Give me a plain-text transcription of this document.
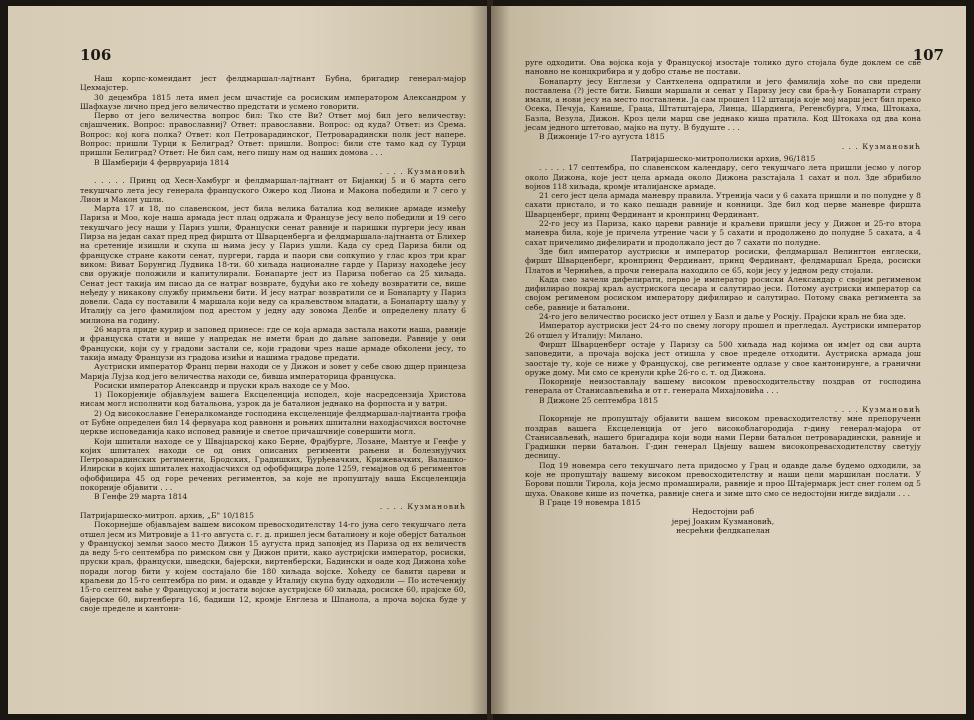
106

Наш корпс-комеидант јест фелдмаршал-лаjтнант Бубна, бригадир генерал-мајор Цехмајстер.

30 децембра 1815 лета имел јесм шчастије са росиским императором Александром у Шафхаузе лично пред јего величество предстати и усмено говорити.

Перво от јего величества вопрос бил: Тко сте Ви? Ответ мој бил јего величеству: свјашченик. Вопрос: православниj? Ответ: православни. Вопрос: од куда? Ответ: из Срема. Вопрос: кој кога полка? Ответ: кол Петроварадинског, Петроварадински полк јест напере. Вопрос: пришли Турци к Белиград? Ответ: пришли. Вопрос: били сте тамо кад су Турци пришли Белиград? Ответ: Не бил сам, него пишу нам од наших домова . . .

В Шамберији 4 фервруарија 1814

. . . . Кузмановић

. . . . . Принц од Хесн-Хамбург и фелдмаршал-лаjтнант от Бијанкиј 5 и 6 марта сего текушчаго лета јесу генерала француского Ожеро код Лиона и Макона победили и 7 сего у Лион и Макон ушли.

Марта 17 и 18, по славенском, јест била велика баталиа код великиe армаде између Париза и Моо, које наша армада јест плац одржала и Французе јесу вело победили и 19 сего текушчаго јесу наши у Париз ушли, Француски сенат равније и паришки пургери јесу иван Пирза на један сахат пред пред фирштa от Шварценберга и фелдмаршала-лаjтнанта от Блихер на сретеније изишли и скупа ш њима јесу у Париз ушли. Када су сред Париза били од француске стране какоти сенат, пургери, гарда и паори сви сопкупио у глас кроз три краг виком: Виват Борунгид Лудвика 18-ти. 60 хиљада националне гарде у Паризу находеће јесу сви оружије положили и капитулирали. Бонапарте јест из Париза побегао са 25 хиљада. Сенат јест такија им писао да се натраг возврате, будући ако ге хоћеду возвратити се, више неђеду у никакову службу примљени бити. И јесу натраг возвратили се и Бонапарту у Париз довели. Сада су поставили 4 маршала који веду са краљевством владати, а Бонапарту шаљу у Италију са јего фамилиjом под арестом у једну аду зовома Делбе и определену плату 6 милиона на годину.

26 марта приде курир и заповед принесе: где се која армада застала накоти наша, равније и француска стати и више у напредак не имети бран до даљне заповеди. Равније у они Француски, који су у градови застали се, који градови чрез наше армаде обколени јесу, то такија имаду Французи из градова изићи и нашима градове предати.

Аустриски император Франц перви находи се у Дижон и зовет у себе свою дщер принцеза Марија Лујза код јего величества находи се, бивша императорица француска.

Росиски император Александр и пруски краљ находе се у Моо.

1) Покорјеније обjављујем вашега Ексцеленција исподел, које насредсензија Христова нисам могл исполнити код батальона, узрок да је баталион једнако на форпоста и у ватри.

2) Од високославне Генералкомандe господина ексцеленцијe фелдмаршал-лајтнанта грофа от Бубне определен бил 14 фервуара код равнонн и роњних шпитални находјасчихся восточне церкве исповеданија како исповед равније и светое причашчније совершити могл.

Који шпитали находе се у Швајцарској како Берне, Фрајбурге, Лозане, Мантуе и Генфе у којих шпиталех находи се од оних описаних регименти рањени и болезнујучиx Петроварадинских регименти, Бродских, Градишких, Ђурђевачких, Крижевачких, Валашко-Илирски в којих шпиталех находјасчихся од офобфицира доле 1259, гемајнов од 6 региментов офобфицира 45 од горе речених региментов, за које не пропуштају ваша Ексцеленција покорније објавити . . .

В Генфе 29 марта 1814

. . . . Кузмановић

Патријаршеско-митроп. архив, „Б" 10/1815

Покорнејше објављаjем вашем високом превосходителству 14-го јуна сего текушчаго лета отшел јесм из Митровије а 11-го августа с. г. д. пришел јесм баталиону и које оберјст батальон у Француској земљи заосо место Дижон 15 аугуста прид заповјед из Париза од нх величеств да веду 5-го септембра по римском свн у Дижон прити, како аустријски император, росиски, пруски краљ, француски, шведски, бајерски, виртенберски, Бадински и оаде код Дижона хоће поради логор бити у којем состајало бiе 180 хиљада војске. Хоћеду се бавити цареви и краљеви до 15-го септембра по рим. и одавде у Италију скупа буду одходили — По истеченију 15-го септем ваће у Француској и јостати војске аустријске 60 хиљада, росиске 60, прајске 60, бајерске 60, виртенберга 16, бадиши 12, кромје Енглеза и Шпанола, а прочa војска буде у своје пределе и кантони-

107

руге одходити. Ова војска која у Француској изостаје толико дуго стојала буде доклем се све нановно не концкрибира и у добро стање не постави.

Бонапарту јесу Енглези у Сантхелена одпратили и јего фамилија хоће по сви предели поставлена (?) јесте бити. Бивши маршали и сенат у Паризу јесу сви бра-ћ-у Бонапарти страну имали, а нови јесу на место поставлени. Ја сам прошел 112 штација које мој марш јест бил преко Осека, Печуја, Канише, Граца, Штатштајера, Линца, Шардинга, Регенсбурга, Улма, Штокаха, Базла, Везула, Дижон. Кроз цели марш све једнако киша пратила. Код Штокаха од два кона јесам једного штетовао, мајко на путу. В будуште . . .

В Дижоније 17-го аугуста 1815

. . . Кузмановић

Патријаршеско-митрополиски архив, 96/1815

. . . . . 17 септембра, по славенском календару, сего текушчаго лета пришли јесмо у логор около Дижона, које јест цела армада около Дижона разстајала 1 сахат и пол. Зде збрибило војнов 118 хиљада, кромје италијанске армаде.

21 сего јест цела армада маневру правила. Утренија чаcи у 6 сахата пришли и по полудне у 8 сахати пристало, и то како пешадн равније и конници. Зде бил код перве маневре фирштa Шварценберг, принц Фердинант и кронпринц Фердинант.

22-го јесу из Париза, како цареви равније и краљеви пришли јесу у Дижон и 25-го втора маневра била, које је причелa утрение часи у 5 сахати и продолжено до полудне 5 сахата, а 4 сахат причелимо дифелирати и продолжало јест до 7 сахати по полудне.

Зде бил император аустриски и император росиски, фелдмаршал Велингтон енглески, фиршт Шварценберг, кронпринц Фердинант, принц Фердинант, фелдмаршал Бреда, росиски Платов и Чернићев, а прочи генерала находило се 65, који јесу у једном реду стојали.

Када смо зачели дифелирати, перво је император росиски Александар с своjим регименом дифилирао покрај краљ аустрискога цесара и салутирао јеси. Потому аустриски император са своjом регименом росиском императору дифилирао и салутирао. Потому свака регимента за себе, равније и батаљони.

24-го јего величество росиско јест отшел у Базл и даље у Росију. Прајски краљ не биа зде.

Император аустриски јест 24-го по свему логору прошел и прегледал. Аустриски император 26 отшел у Италију: Милано.

Фиршт Шварценберг остаје у Паризу са 500 хиљада над којима он им|ет од сви аuрта заповедити, а прочаја војска јест отишла у свое пределе отходити. Аустриска армада још заостаје ту, које се ниже у Француској, све регименте одлазе у свое кантонирунге, а гранични оруже дому. Ми смо се кренули крће 26-го с. т. од Дижона.

Покорније неизоставлају вашему високом превосходительству поздрав от господина генерала от Станисављевића и от г. генерала Михајловића . . .

В Дижоне 25 септембра 1815

. . . . Кузмановић

Покорније не пропуштају објавити вашем високом превасходителству мне препорученн поздрав вашега Ексцеленција от јего високоблагородија г-дину генерал-мајора от Станисављевић, нашего бригадира који води нами Перви батаљон петроварадински, равније и Градишки перви батаљон. Г-дин генерал Цвјешу вашем високопревасходителству светују десницу.

Под 19 новемра сего текушчаго лета придосмо у Грац и одавде даље будемо одходили, за које не пропуштају вашему високом превосходителству и наши цели маршилан послати. У Борови пошли Тирола, која јесмо промаширали, равније и прoo Штајермарк јест снег голем од 5 шуха. Овакове кише из почетка, равније снега и зиме што смо се недостојни нигде видјали . . .

В Граце 19 новемра 1815

Недостојни раб

јереј Јоаким Кузмановић,

несрећни фелдкапелан
